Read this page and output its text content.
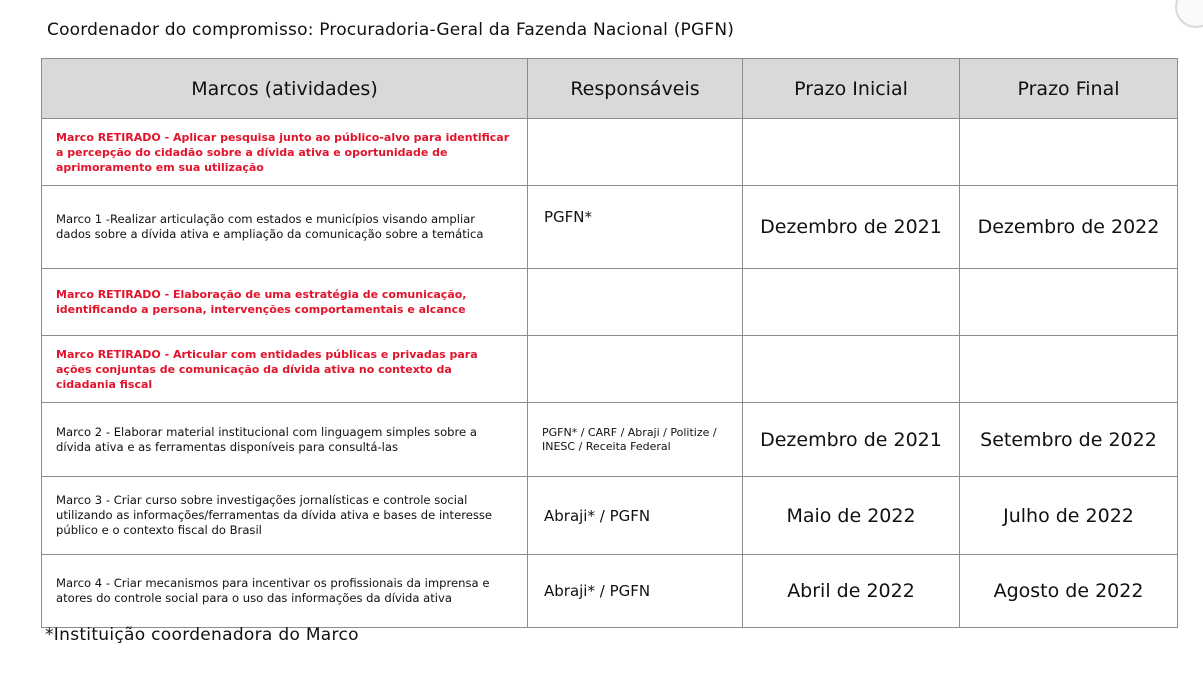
Coordenador do compromisso: Procuradoria-Geral da Fazenda Nacional (PGFN)
Marcos (atividades)	Responsáveis	Prazo Inicial	Prazo Final
Marco RETIRADO - Aplicar pesquisa junto ao público-alvo para identificar a percepção do cidadão sobre a dívida ativa e oportunidade de aprimoramento em sua utilização			
Marco 1 -Realizar articulação com estados e municípios visando ampliar dados sobre a dívida ativa e ampliação da comunicação sobre a temática	PGFN*	Dezembro de 2021	Dezembro de 2022
Marco RETIRADO - Elaboração de uma estratégia de comunicação, identificando a persona, intervenções comportamentais e alcance			
Marco RETIRADO - Articular com entidades públicas e privadas para ações conjuntas de comunicação da dívida ativa no contexto da cidadania fiscal			
Marco 2 - Elaborar material institucional com linguagem simples sobre a dívida ativa e as ferramentas disponíveis para consultá-las	PGFN* / CARF / Abraji / Politize / INESC / Receita Federal	Dezembro de 2021	Setembro de 2022
Marco 3 - Criar curso sobre investigações jornalísticas e controle social utilizando as informações/ferramentas da dívida ativa e bases de interesse público e o contexto fiscal do Brasil	Abraji* / PGFN	Maio de 2022	Julho de 2022
Marco 4 - Criar mecanismos para incentivar os profissionais da imprensa e atores do controle social para o uso das informações da dívida ativa	Abraji* / PGFN	Abril de 2022	Agosto de 2022
*Instituição coordenadora do Marco
